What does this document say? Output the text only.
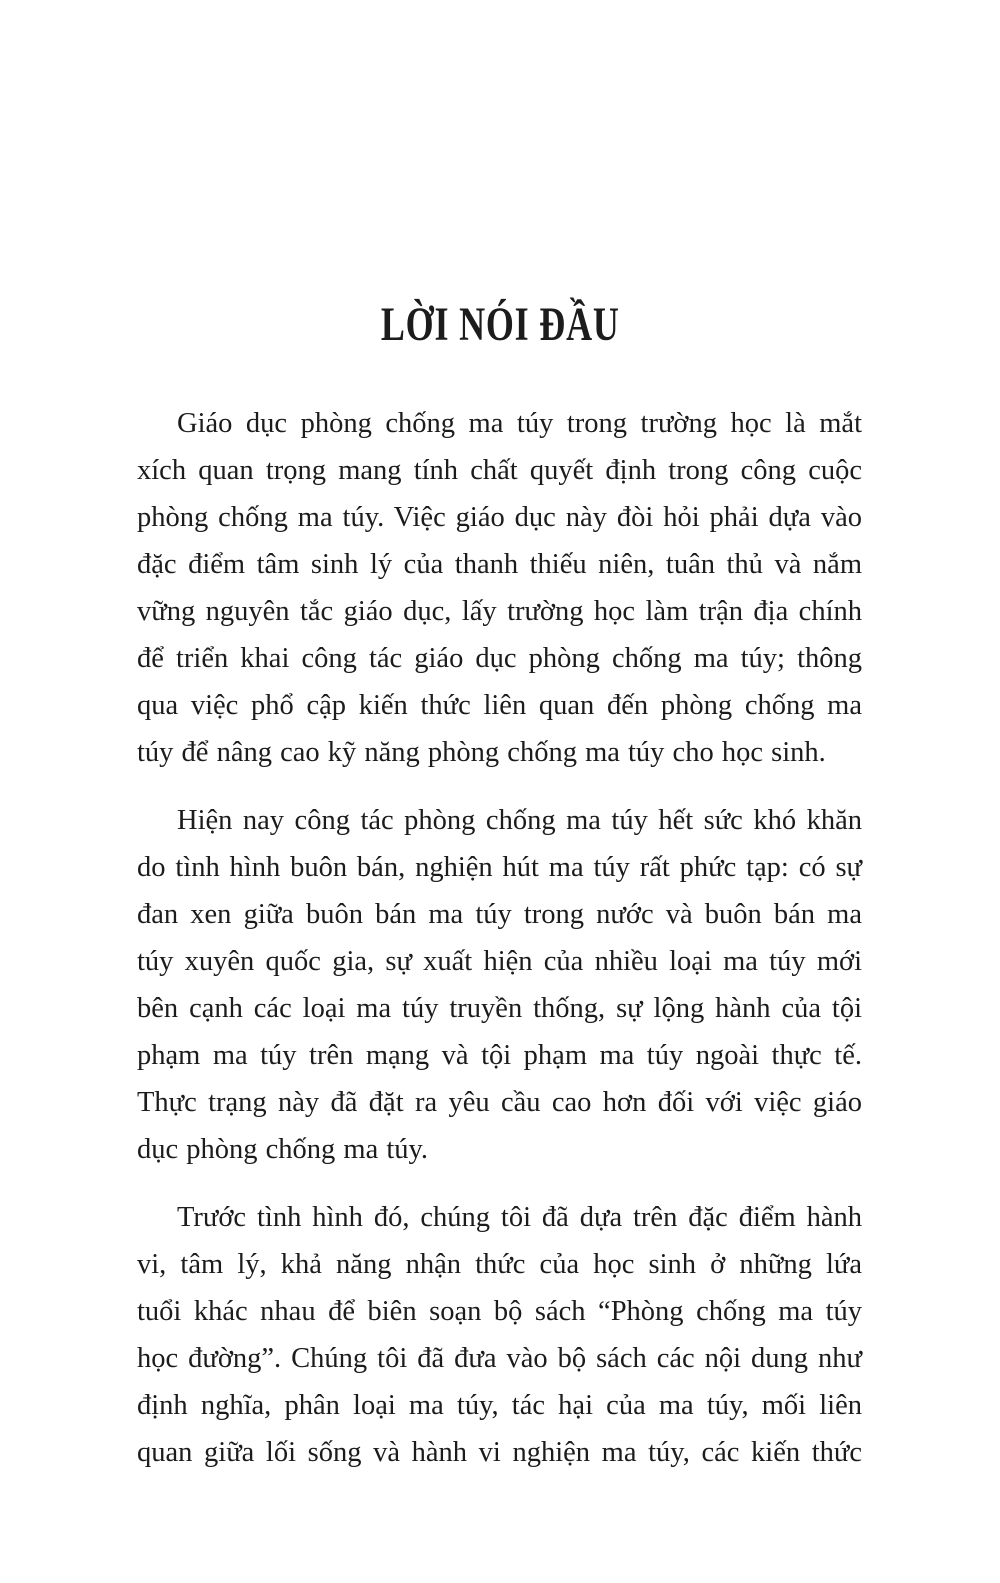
LỜI NÓI ĐẦU
Giáo dục phòng chống ma túy trong trường học là mắt
xích quan trọng mang tính chất quyết định trong công cuộc
phòng chống ma túy. Việc giáo dục này đòi hỏi phải dựa vào
đặc điểm tâm sinh lý của thanh thiếu niên, tuân thủ và nắm
vững nguyên tắc giáo dục, lấy trường học làm trận địa chính
để triển khai công tác giáo dục phòng chống ma túy; thông
qua việc phổ cập kiến thức liên quan đến phòng chống ma
túy để nâng cao kỹ năng phòng chống ma túy cho học sinh.
Hiện nay công tác phòng chống ma túy hết sức khó khăn
do tình hình buôn bán, nghiện hút ma túy rất phức tạp: có sự
đan xen giữa buôn bán ma túy trong nước và buôn bán ma
túy xuyên quốc gia, sự xuất hiện của nhiều loại ma túy mới
bên cạnh các loại ma túy truyền thống, sự lộng hành của tội
phạm ma túy trên mạng và tội phạm ma túy ngoài thực tế.
Thực trạng này đã đặt ra yêu cầu cao hơn đối với việc giáo
dục phòng chống ma túy.
Trước tình hình đó, chúng tôi đã dựa trên đặc điểm hành
vi, tâm lý, khả năng nhận thức của học sinh ở những lứa
tuổi khác nhau để biên soạn bộ sách “Phòng chống ma túy
học đường”. Chúng tôi đã đưa vào bộ sách các nội dung như
định nghĩa, phân loại ma túy, tác hại của ma túy, mối liên
quan giữa lối sống và hành vi nghiện ma túy, các kiến thức
